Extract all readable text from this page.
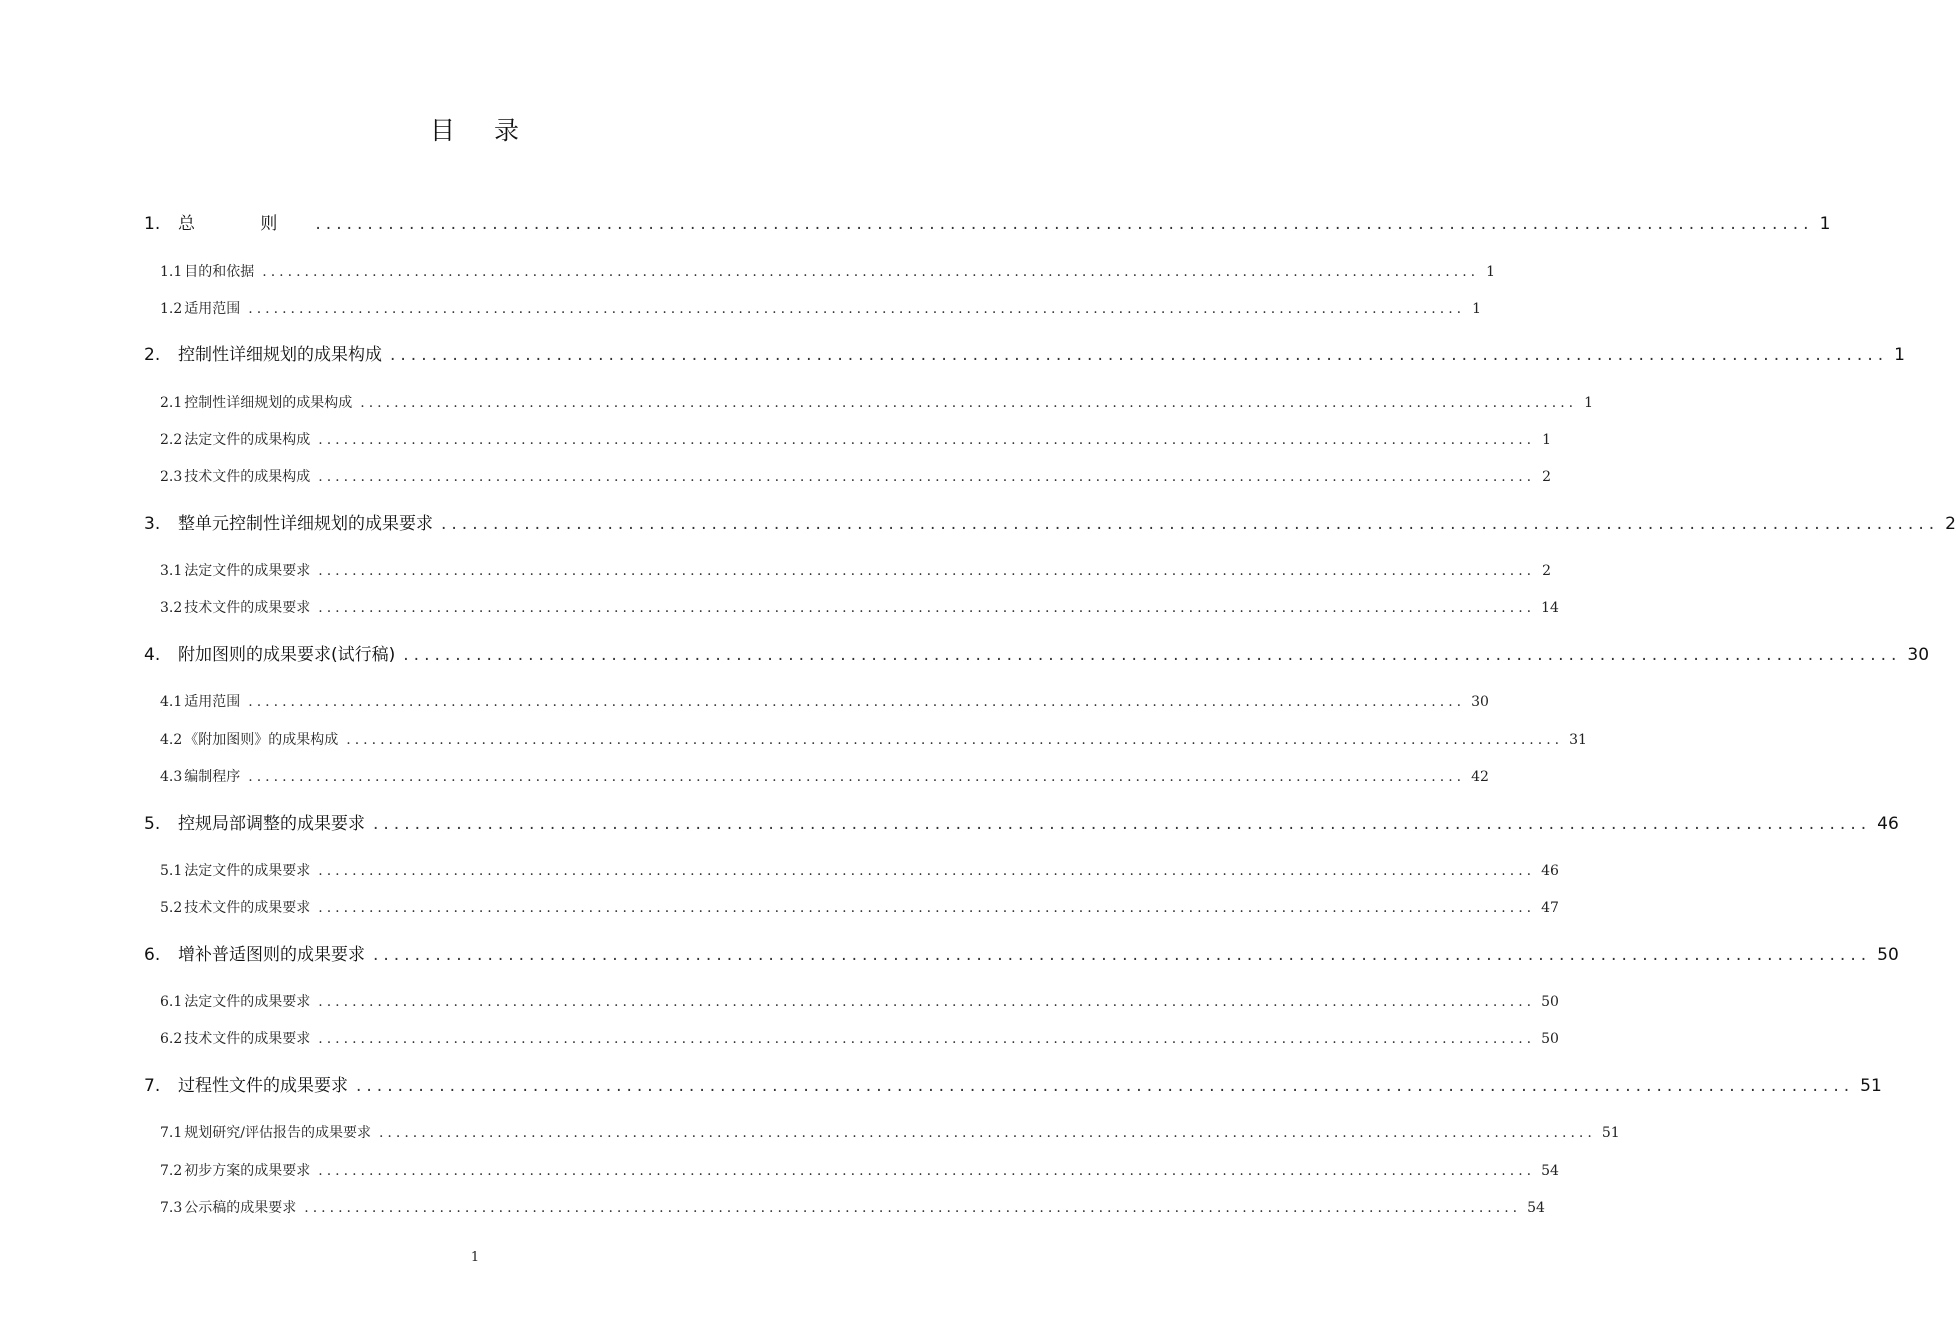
目 录
1.	总 则 ................................................................................................................................................ 1
1.1 目的和依据 ................................................................................................................................................ 1
1.2 适用范围 ................................................................................................................................................ 1
2.	控制性详细规划的成果构成 ................................................................................................................................................ 1
2.1 控制性详细规划的成果构成 ................................................................................................................................................ 1
2.2 法定文件的成果构成 ................................................................................................................................................ 1
2.3 技术文件的成果构成 ................................................................................................................................................ 2
3.	整单元控制性详细规划的成果要求 ................................................................................................................................................ 2
3.1 法定文件的成果要求 ................................................................................................................................................ 2
3.2 技术文件的成果要求 ................................................................................................................................................ 14
4.	附加图则的成果要求(试行稿) ................................................................................................................................................ 30
4.1 适用范围 ................................................................................................................................................ 30
4.2 《附加图则》的成果构成 ................................................................................................................................................ 31
4.3 编制程序 ................................................................................................................................................ 42
5.	控规局部调整的成果要求 ................................................................................................................................................ 46
5.1 法定文件的成果要求 ................................................................................................................................................ 46
5.2 技术文件的成果要求 ................................................................................................................................................ 47
6.	增补普适图则的成果要求 ................................................................................................................................................ 50
6.1 法定文件的成果要求 ................................................................................................................................................ 50
6.2 技术文件的成果要求 ................................................................................................................................................ 50
7.	过程性文件的成果要求 ................................................................................................................................................ 51
7.1 规划研究/评估报告的成果要求 ................................................................................................................................................ 51
7.2 初步方案的成果要求 ................................................................................................................................................ 54
7.3 公示稿的成果要求 ................................................................................................................................................ 54
1
